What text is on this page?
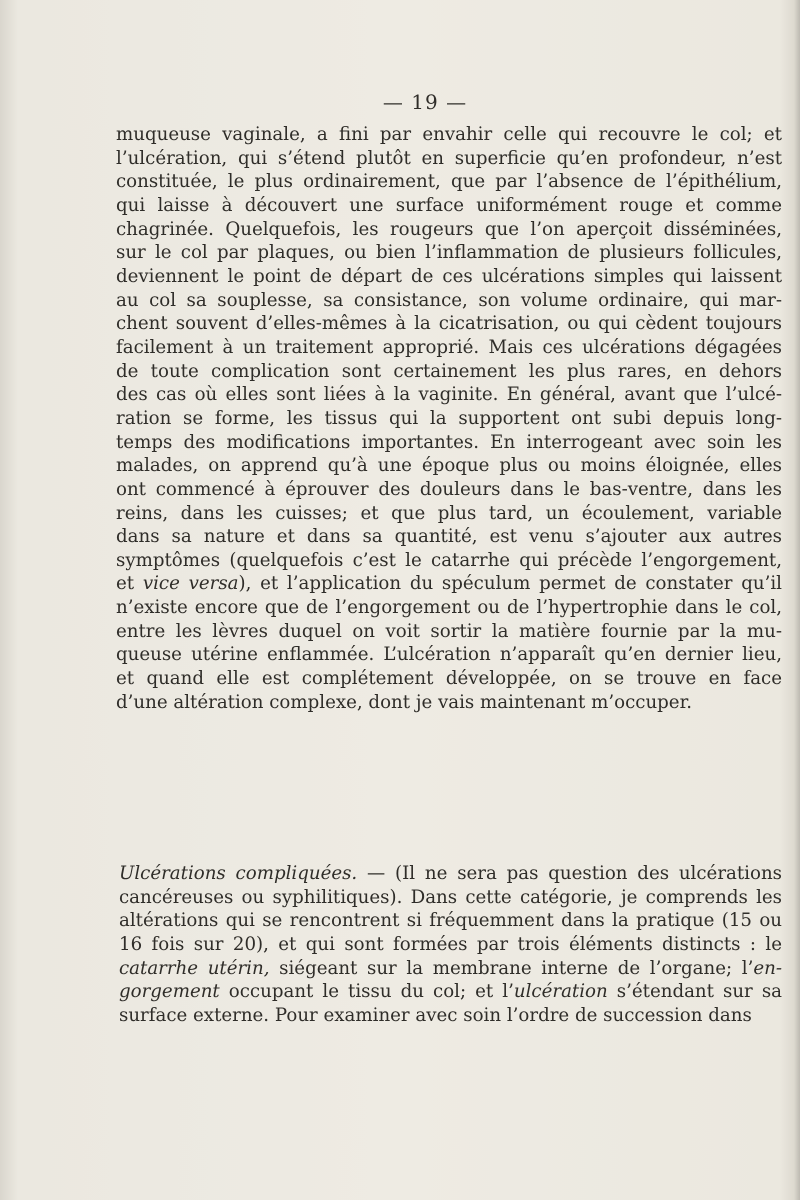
— 19 —
muqueuse vaginale, a fini par envahir celle qui recouvre le col; et
l’ulcération, qui s’étend plutôt en superficie qu’en profondeur, n’est
constituée, le plus ordinairement, que par l’absence de l’épithélium,
qui laisse à découvert une surface uniformément rouge et comme
chagrinée. Quelquefois, les rougeurs que l’on aperçoit disséminées,
sur le col par plaques, ou bien l’inflammation de plusieurs follicules,
deviennent le point de départ de ces ulcérations simples qui laissent
au col sa souplesse, sa consistance, son volume ordinaire, qui mar-
chent souvent d’elles-mêmes à la cicatrisation, ou qui cèdent toujours
facilement à un traitement approprié. Mais ces ulcérations dégagées
de toute complication sont certainement les plus rares, en dehors
des cas où elles sont liées à la vaginite. En général, avant que l’ulcé-
ration se forme, les tissus qui la supportent ont subi depuis long-
temps des modifications importantes. En interrogeant avec soin les
malades, on apprend qu’à une époque plus ou moins éloignée, elles
ont commencé à éprouver des douleurs dans le bas-ventre, dans les
reins, dans les cuisses; et que plus tard, un écoulement, variable
dans sa nature et dans sa quantité, est venu s’ajouter aux autres
symptômes (quelquefois c’est le catarrhe qui précède l’engorgement,
et vice versa), et l’application du spéculum permet de constater qu’il
n’existe encore que de l’engorgement ou de l’hypertrophie dans le col,
entre les lèvres duquel on voit sortir la matière fournie par la mu-
queuse utérine enflammée. L’ulcération n’apparaît qu’en dernier lieu,
et quand elle est complétement développée, on se trouve en face
d’une altération complexe, dont je vais maintenant m’occuper.
Ulcérations compliquées. — (Il ne sera pas question des ulcérations
cancéreuses ou syphilitiques). Dans cette catégorie, je comprends les
altérations qui se rencontrent si fréquemment dans la pratique (15 ou
16 fois sur 20), et qui sont formées par trois éléments distincts : le
catarrhe utérin, siégeant sur la membrane interne de l’organe; l’en-
gorgement occupant le tissu du col; et l’ulcération s’étendant sur sa
surface externe. Pour examiner avec soin l’ordre de succession dans
